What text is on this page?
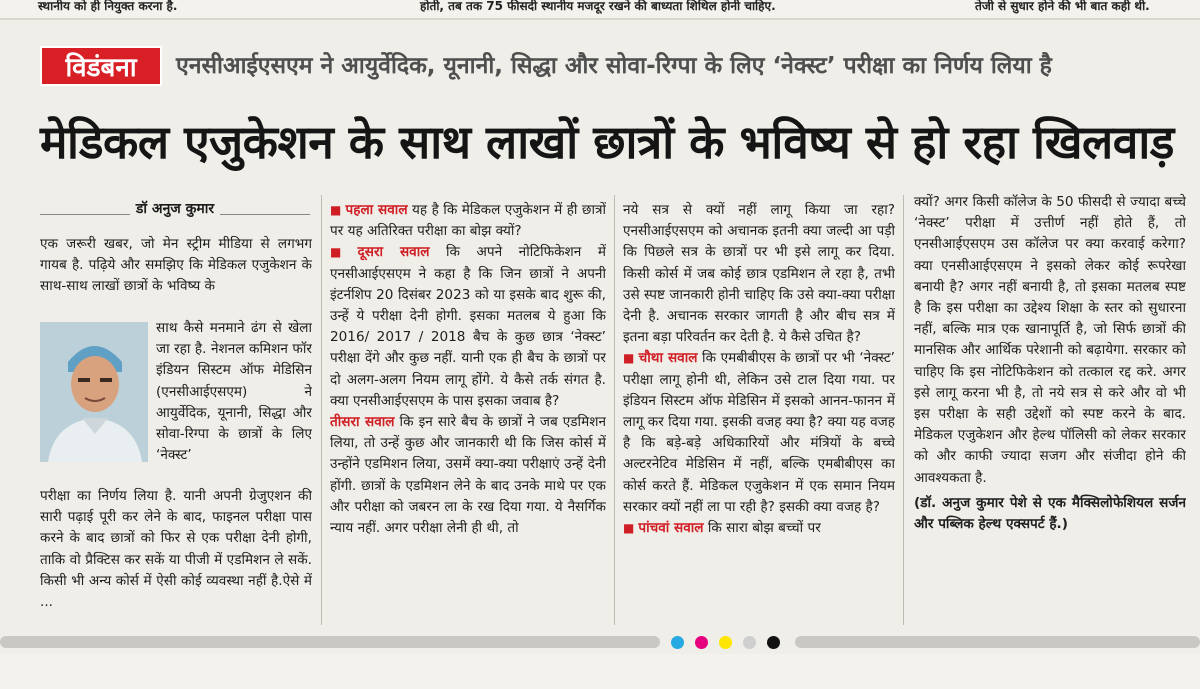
स्थानीय को ही नियुक्त करना है.	होती, तब तक 75 फीसदी स्थानीय मजदूर रखने की बाध्यता शिथिल होनी चाहिए.	तेजी से सुधार होने की भी बात कही थी.
विडंबना	एनसीआईएसएम ने आयुर्वेदिक, यूनानी, सिद्धा और सोवा-रिग्पा के लिए ‘नेक्स्ट’ परीक्षा का निर्णय लिया है
मेडिकल एजुकेशन के साथ लाखों छात्रों के भविष्य से हो रहा खिलवाड़
डॉ अनुज कुमार
एक जरूरी खबर, जो मेन स्ट्रीम मीडिया से लगभग गायब है. पढ़िये और समझिए कि मेडिकल एजुकेशन के साथ-साथ लाखों छात्रों के भविष्य के
साथ कैसे मनमाने ढंग से खेला जा रहा है. नेशनल कमिशन फॉर इंडियन सिस्टम ऑफ मेडिसिन (एनसीआईएसएम) ने आयुर्वेदिक, यूनानी, सिद्धा और सोवा-रिग्पा के छात्रों के लिए ‘नेक्स्ट’
परीक्षा का निर्णय लिया है. यानी अपनी ग्रेजुएशन की सारी पढ़ाई पूरी कर लेने के बाद, फाइनल परीक्षा पास करने के बाद छात्रों को फिर से एक परीक्षा देनी होगी, ताकि वो प्रैक्टिस कर सकें या पीजी में एडमिशन ले सकें. किसी भी अन्य कोर्स में ऐसी कोई व्यवस्था नहीं है.ऐसे में ...
■ पहला सवाल यह है कि मेडिकल एजुकेशन में ही छात्रों पर यह अतिरिक्त परीक्षा का बोझ क्यों?
■ दूसरा सवाल कि अपने नोटिफिकेशन में एनसीआईएसएम ने कहा है कि जिन छात्रों ने अपनी इंटर्नशिप 20 दिसंबर 2023 को या इसके बाद शुरू की, उन्हें ये परीक्षा देनी होगी. इसका मतलब ये हुआ कि 2016/ 2017 / 2018 बैच के कुछ छात्र ‘नेक्स्ट’ परीक्षा देंगे और कुछ नहीं. यानी एक ही बैच के छात्रों पर दो अलग-अलग नियम लागू होंगे. ये कैसे तर्क संगत है. क्या एनसीआईएसएम के पास इसका जवाब है?
तीसरा सवाल कि इन सारे बैच के छात्रों ने जब एडमिशन लिया, तो उन्हें कुछ और जानकारी थी कि जिस कोर्स में उन्होंने एडमिशन लिया, उसमें क्या-क्या परीक्षाएं उन्हें देनी होंगी. छात्रों के एडमिशन लेने के बाद उनके माथे पर एक और परीक्षा को जबरन ला के रख दिया गया. ये नैसर्गिक न्याय नहीं. अगर परीक्षा लेनी ही थी, तो
नये सत्र से क्यों नहीं लागू किया जा रहा? एनसीआईएसएम को अचानक इतनी क्या जल्दी आ पड़ी कि पिछले सत्र के छात्रों पर भी इसे लागू कर दिया. किसी कोर्स में जब कोई छात्र एडमिशन ले रहा है, तभी उसे स्पष्ट जानकारी होनी चाहिए कि उसे क्या-क्या परीक्षा देनी है. अचानक सरकार जागती है और बीच सत्र में इतना बड़ा परिवर्तन कर देती है. ये कैसे उचित है?
■ चौथा सवाल कि एमबीबीएस के छात्रों पर भी ‘नेक्स्ट’ परीक्षा लागू होनी थी, लेकिन उसे टाल दिया गया. पर इंडियन सिस्टम ऑफ मेडिसिन में इसको आनन-फानन में लागू कर दिया गया. इसकी वजह क्या है? क्या यह वजह है कि बड़े-बड़े अधिकारियों और मंत्रियों के बच्चे अल्टरनेटिव मेडिसिन में नहीं, बल्कि एमबीबीएस का कोर्स करते हैं. मेडिकल एजुकेशन में एक समान नियम सरकार क्यों नहीं ला पा रही है? इसकी क्या वजह है?
■ पांचवां सवाल कि सारा बोझ बच्चों पर
क्यों? अगर किसी कॉलेज के 50 फीसदी से ज्यादा बच्चे ‘नेक्स्ट’ परीक्षा में उत्तीर्ण नहीं होते हैं, तो एनसीआईएसएम उस कॉलेज पर क्या करवाई करेगा? क्या एनसीआईएसएम ने इसको लेकर कोई रूपरेखा बनायी है? अगर नहीं बनायी है, तो इसका मतलब स्पष्ट है कि इस परीक्षा का उद्देश्य शिक्षा के स्तर को सुधारना नहीं, बल्कि मात्र एक खानापूर्ति है, जो सिर्फ छात्रों की मानसिक और आर्थिक परेशानी को बढ़ायेगा. सरकार को चाहिए कि इस नोटिफिकेशन को तत्काल रद्द करे. अगर इसे लागू करना भी है, तो नये सत्र से करे और वो भी इस परीक्षा के सही उद्देशों को स्पष्ट करने के बाद. मेडिकल एजुकेशन और हेल्थ पॉलिसी को लेकर सरकार को और काफी ज्यादा सजग और संजीदा होने की आवश्यकता है.
(डॉ. अनुज कुमार पेशे से एक मैक्सिलोफेशियल सर्जन और पब्लिक हेल्थ एक्सपर्ट हैं.)
